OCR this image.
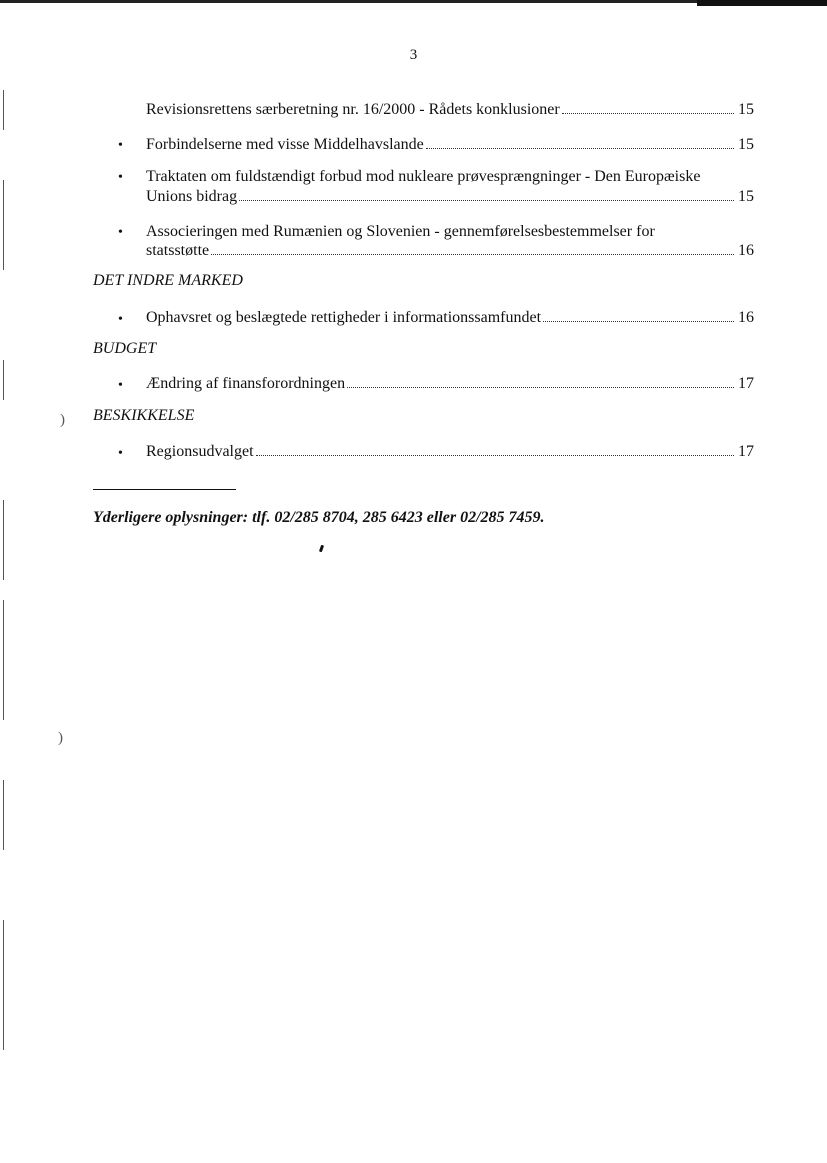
)
)
3
Revisionsrettens særberetning nr. 16/2000 - Rådets konklusioner	15
• Forbindelserne med visse Middelhavslande	15
• Traktaten om fuldstændigt forbud mod nukleare prøvesprængninger - Den Europæiske
Unions bidrag	15
• Associeringen med Rumænien og Slovenien - gennemførelsesbestemmelser for
statsstøtte	16
DET INDRE MARKED
• Ophavsret og beslægtede rettigheder i informationssamfundet	16
BUDGET
• Ændring af finansforordningen	17
BESKIKKELSE
• Regionsudvalget	17
Yderligere oplysninger: tlf. 02/285 8704, 285 6423 eller 02/285 7459.
